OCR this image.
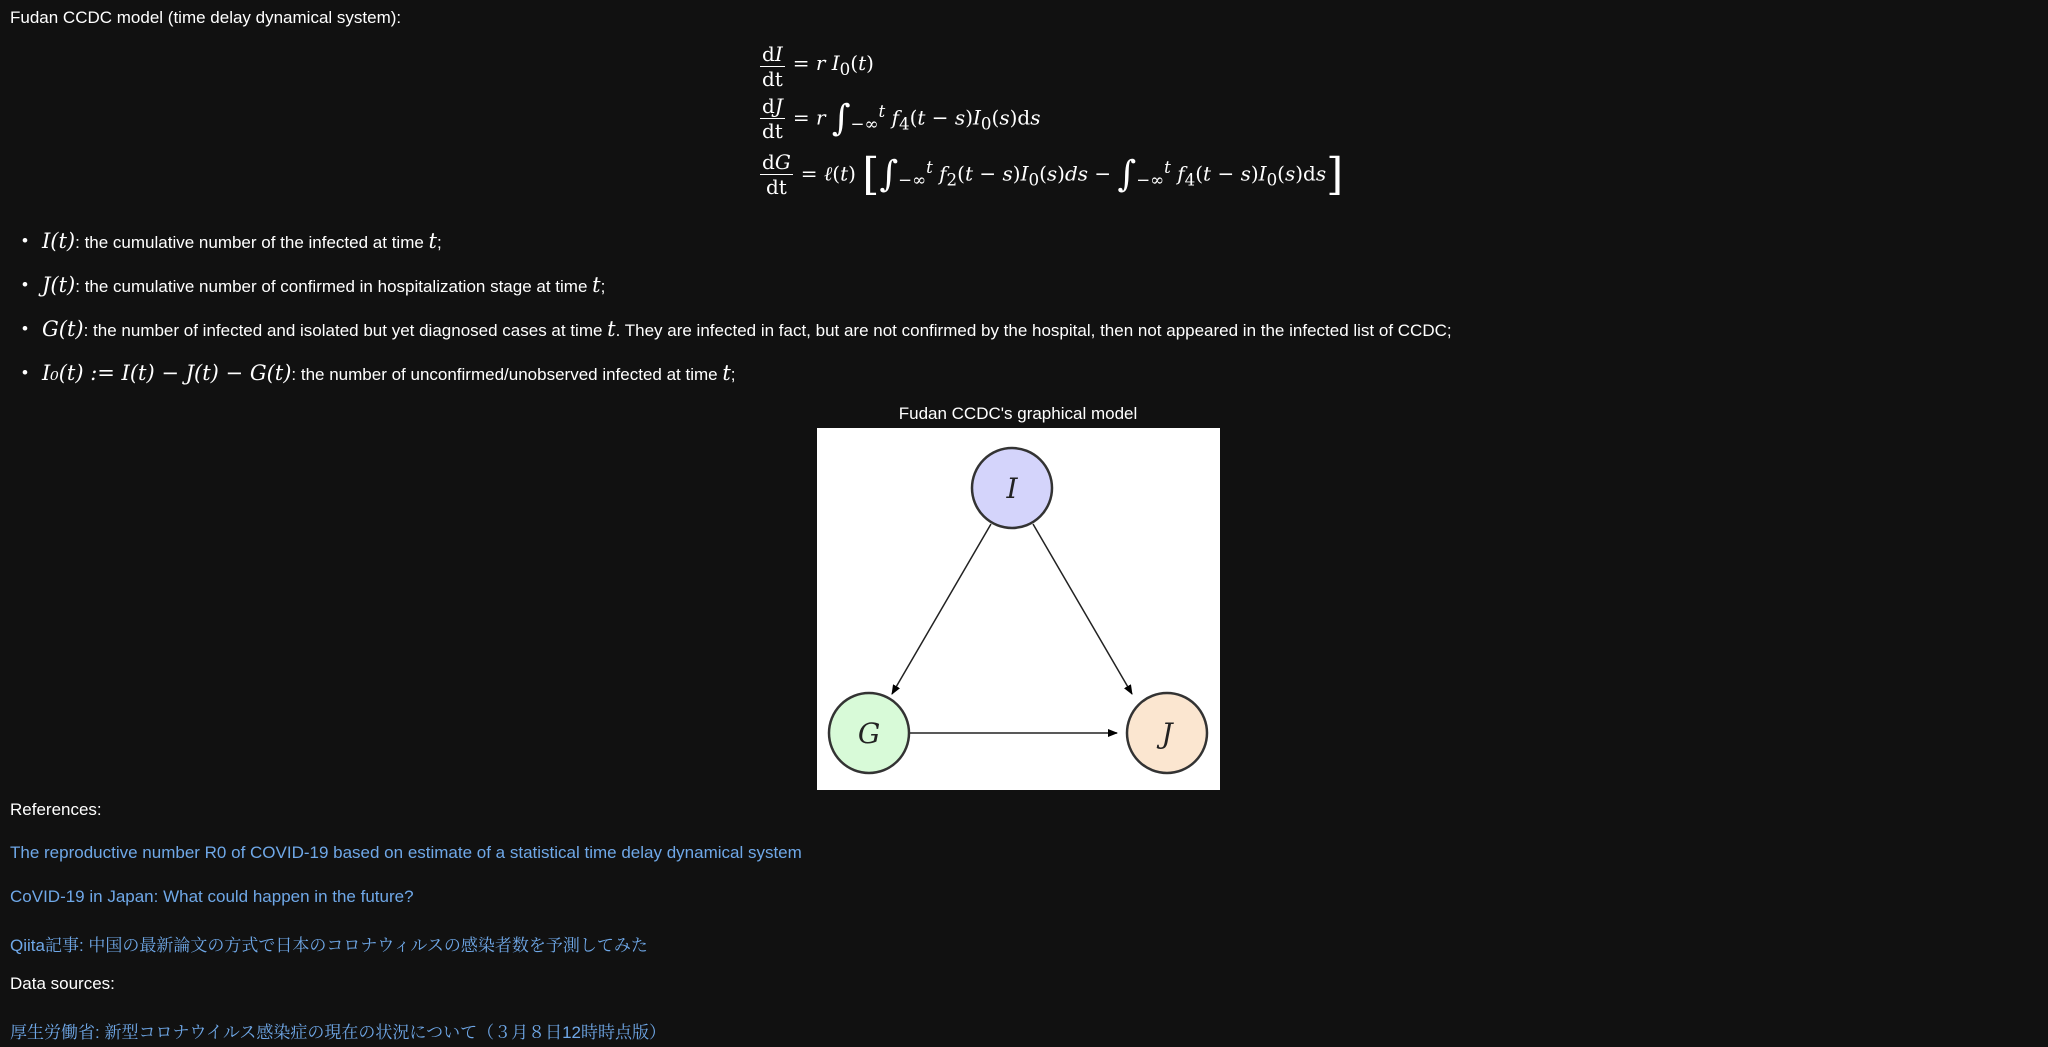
Fudan CCDC model (time delay dynamical system):
$\frac{dI}{dt} = r$ $I_0(t)$
$\frac{dJ}{dt} = r$ $\int_{-\infty}^t$ $f_4(t - s)I_0(s)ds$
$\frac{dG}{dt}$ = ℓ(t) [$\int_{-\infty}^t$ $f_2(t - s)I_0(s)ds - \int_{-\infty}^t$ $f_4(t - s)I_0(s)ds$]
• I(t): the cumulative number of the infected at time t;
• J(t): the cumulative number of confirmed in hospitalization stage at time t;
• G(t): the number of infected and isolated but yet diagnosed cases at time t. They are infected in fact, but are not confirmed by the hospital, then not appeared in the infected list of CCDC;
• I₀(t) := I(t) − J(t) − G(t): the number of unconfirmed/unobserved infected at time t;
Fudan CCDC's graphical model
I
G	J
References:
The reproductive number R0 of COVID-19 based on estimate of a statistical time delay dynamical system
CoVID-19 in Japan: What could happen in the future?
Qiita記事: 中国の最新論文の方式で日本のコロナウィルスの感染者数を予測してみた
Data sources:
厚生労働省: 新型コロナウイルス感染症の現在の状況について（３月８日12時時点版）
